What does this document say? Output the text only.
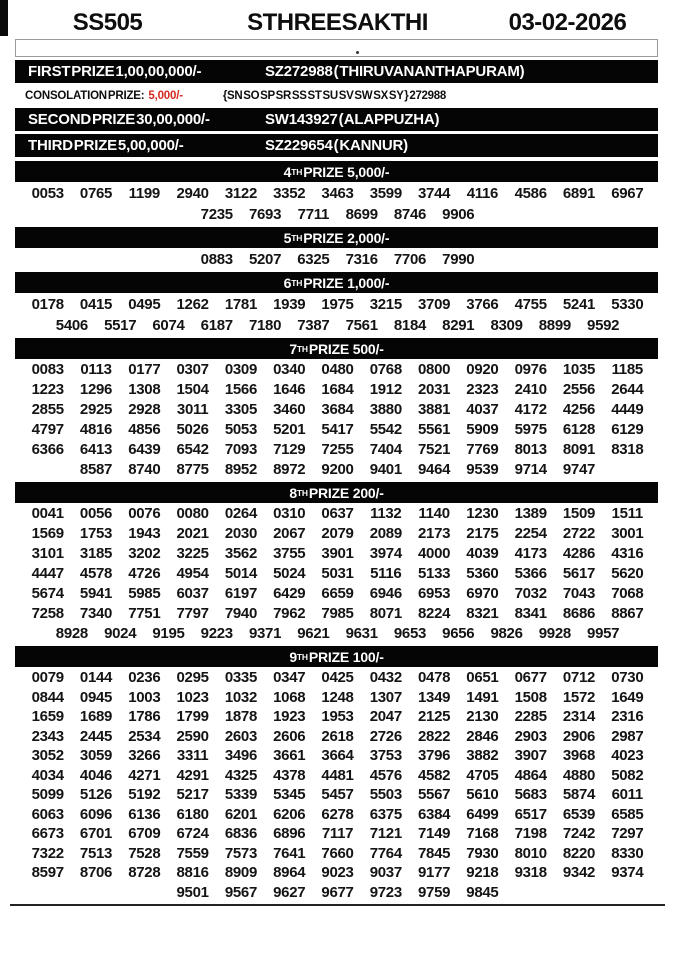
SS505	STHREE SAKTHI	03-02-2026
FIRST PRIZE 1,00,00,000/-	SZ272988 ( THIRUVANANTHAPURAM)
CONSOLATION PRIZE: 5,000/-	{SN SO SP SR SS ST SU SV SW SX SY } 272988
SECOND PRIZE 30,00,000/-	SW143927 ( ALAPPUZHA)
THIRD PRIZE 5,00,000/-	SZ229654 ( KANNUR)
4 TH PRIZE 5,000/-
0053	0765	1199	2940	3122	3352	3463	3599	3744	4116	4586	6891	6967
7235	7693	7711	8699	8746	9906
5 TH PRIZE 2,000/-
0883	5207	6325	7316	7706	7990
6 TH PRIZE 1,000/-
0178	0415	0495	1262	1781	1939	1975	3215	3709	3766	4755	5241	5330
5406	5517	6074	6187	7180	7387	7561	8184	8291	8309	8899	9592
7 TH PRIZE 500/-
0083	0113	0177	0307	0309	0340	0480	0768	0800	0920	0976	1035	1185
1223	1296	1308	1504	1566	1646	1684	1912	2031	2323	2410	2556	2644
2855	2925	2928	3011	3305	3460	3684	3880	3881	4037	4172	4256	4449
4797	4816	4856	5026	5053	5201	5417	5542	5561	5909	5975	6128	6129
6366	6413	6439	6542	7093	7129	7255	7404	7521	7769	8013	8091	8318
8587	8740	8775	8952	8972	9200	9401	9464	9539	9714	9747
8 TH PRIZE 200/-
0041	0056	0076	0080	0264	0310	0637	1132	1140	1230	1389	1509	1511
1569	1753	1943	2021	2030	2067	2079	2089	2173	2175	2254	2722	3001
3101	3185	3202	3225	3562	3755	3901	3974	4000	4039	4173	4286	4316
4447	4578	4726	4954	5014	5024	5031	5116	5133	5360	5366	5617	5620
5674	5941	5985	6037	6197	6429	6659	6946	6953	6970	7032	7043	7068
7258	7340	7751	7797	7940	7962	7985	8071	8224	8321	8341	8686	8867
8928	9024	9195	9223	9371	9621	9631	9653	9656	9826	9928	9957
9 TH PRIZE 100/-
0079	0144	0236	0295	0335	0347	0425	0432	0478	0651	0677	0712	0730
0844	0945	1003	1023	1032	1068	1248	1307	1349	1491	1508	1572	1649
1659	1689	1786	1799	1878	1923	1953	2047	2125	2130	2285	2314	2316
2343	2445	2534	2590	2603	2606	2618	2726	2822	2846	2903	2906	2987
3052	3059	3266	3311	3496	3661	3664	3753	3796	3882	3907	3968	4023
4034	4046	4271	4291	4325	4378	4481	4576	4582	4705	4864	4880	5082
5099	5126	5192	5217	5339	5345	5457	5503	5567	5610	5683	5874	6011
6063	6096	6136	6180	6201	6206	6278	6375	6384	6499	6517	6539	6585
6673	6701	6709	6724	6836	6896	7117	7121	7149	7168	7198	7242	7297
7322	7513	7528	7559	7573	7641	7660	7764	7845	7930	8010	8220	8330
8597	8706	8728	8816	8909	8964	9023	9037	9177	9218	9318	9342	9374
9501	9567	9627	9677	9723	9759	9845
